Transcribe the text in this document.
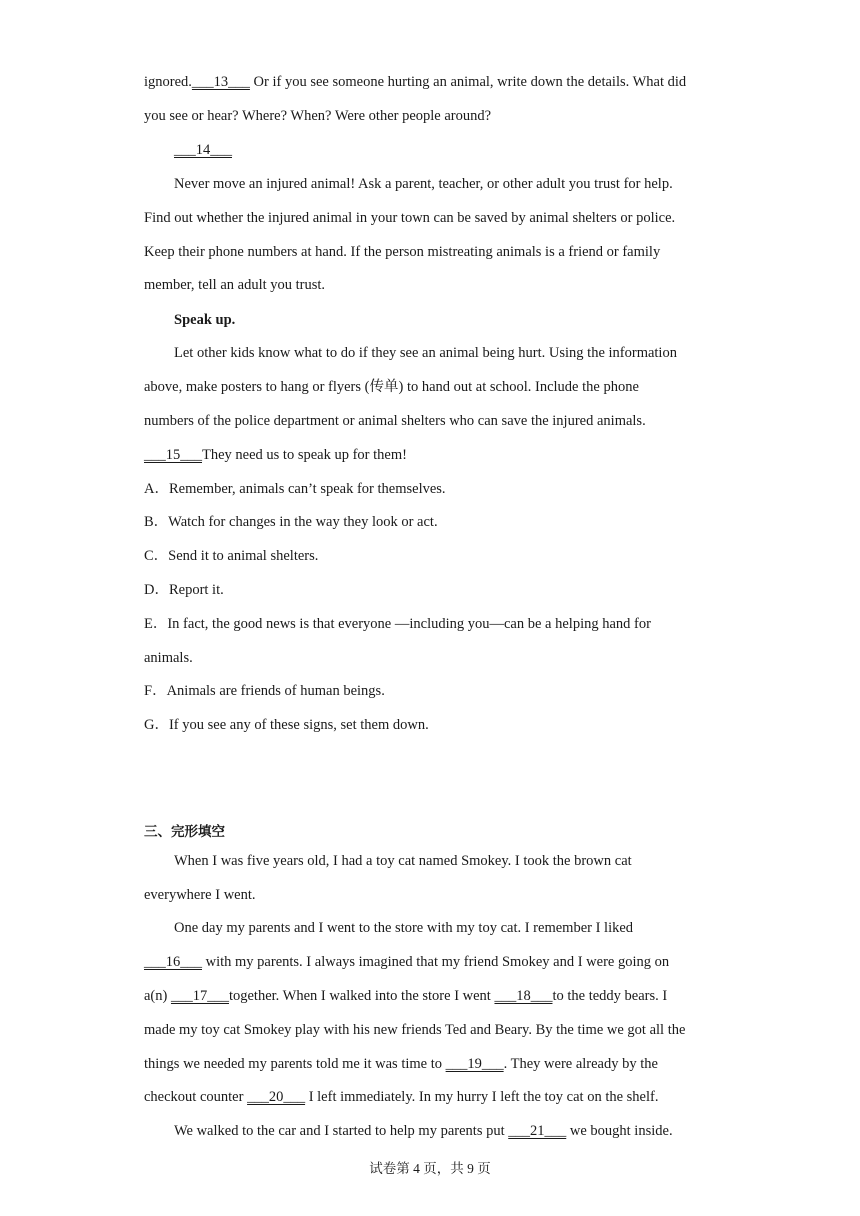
ignored.___13___ Or if you see someone hurting an animal, write down the details. What did
you see or hear? Where? When? Were other people around?
___14___
Never move an injured animal! Ask a parent, teacher, or other adult you trust for help.
Find out whether the injured animal in your town can be saved by animal shelters or police.
Keep their phone numbers at hand. If the person mistreating animals is a friend or family
member, tell an adult you trust.
Speak up.
Let other kids know what to do if they see an animal being hurt. Using the information
above, make posters to hang or flyers (传单) to hand out at school. Include the phone
numbers of the police department or animal shelters who can save the injured animals.
___15___They need us to speak up for them!
A．Remember, animals can’t speak for themselves.
B．Watch for changes in the way they look or act.
C．Send it to animal shelters.
D．Report it.
E．In fact, the good news is that everyone —including you—can be a helping hand for
animals.
F．Animals are friends of human beings.
G．If you see any of these signs, set them down.
三、完形填空
When I was five years old, I had a toy cat named Smokey. I took the brown cat
everywhere I went.
One day my parents and I went to the store with my toy cat. I remember I liked
___16___ with my parents. I always imagined that my friend Smokey and I were going on
a(n) ___17___together. When I walked into the store I went ___18___to the teddy bears. I
made my toy cat Smokey play with his new friends Ted and Beary. By the time we got all the
things we needed my parents told me it was time to ___19___. They were already by the
checkout counter ___20___ I left immediately. In my hurry I left the toy cat on the shelf.
We walked to the car and I started to help my parents put ___21___ we bought inside.
试卷第 4 页，共 9 页
